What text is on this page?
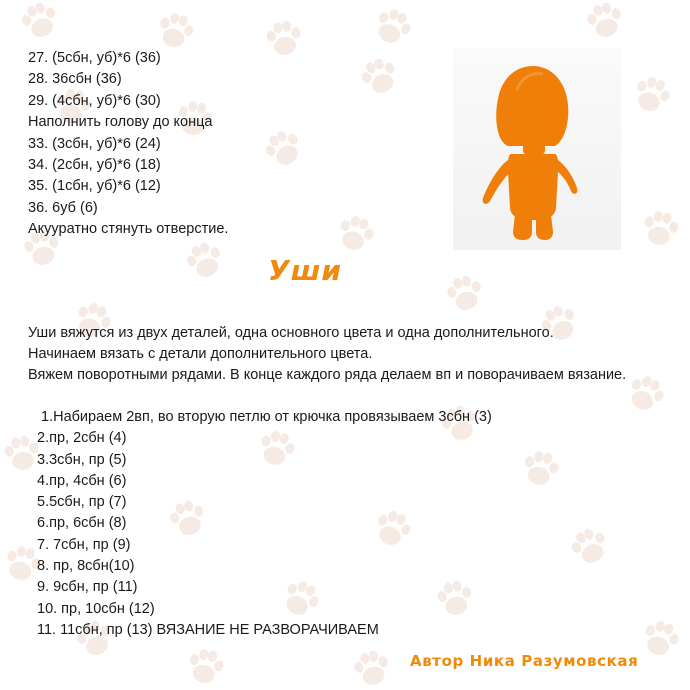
27. (5сбн, уб)*6 (36)
28. 36сбн (36)
29. (4сбн, уб)*6 (30)
Наполнить голову до конца
33. (3сбн, уб)*6 (24)
34. (2сбн, уб)*6 (18)
35. (1сбн, уб)*6 (12)
36. 6уб (6)
Акууратно стянуть отверстие.
Уши

Уши вяжутся из двух деталей, одна основного цвета и одна дополнительного.
Начинаем вязать с детали дополнительного цвета.
Вяжем поворотными рядами. В конце каждого ряда делаем вп и поворачиваем вязание.

1.Набираем 2вп, во вторую петлю от крючка провязываем 3сбн (3)
2.пр, 2сбн (4)
3.3сбн, пр (5)
4.пр, 4сбн (6)
5.5сбн, пр (7)
6.пр, 6сбн (8)
7. 7сбн, пр (9)
8. пр, 8сбн(10)
9. 9сбн, пр (11)
10. пр, 10сбн (12)
11. 11сбн, пр (13) ВЯЗАНИЕ НЕ РАЗВОРАЧИВАЕМ
Автор Ника Разумовская
